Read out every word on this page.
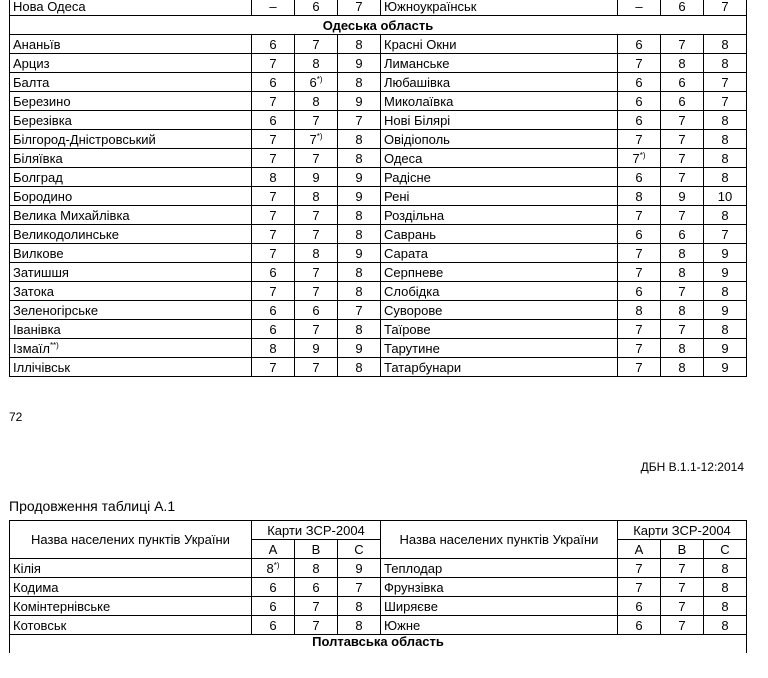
Нова Одеса	–	6	7	Южноукраїнськ	–	6	7
Одеська область							
Ананьїв	6	7	8	Красні Окни	6	7	8
Арциз	7	8	9	Лиманське	7	8	8
Балта	6	6*)	8	Любашівка	6	6	7
Березино	7	8	9	Миколаївка	6	6	7
Березівка	6	7	7	Нові Біляpі	6	7	8
Білгород-Дністровський	7	7*)	8	Овідіополь	7	7	8
Біляївка	7	7	8	Одеса	7*)	7	8
Болград	8	9	9	Радісне	6	7	8
Бородино	7	8	9	Рені	8	9	10
Велика Михайлівка	7	7	8	Роздільна	7	7	8
Великодолинське	7	7	8	Саврань	6	6	7
Вилкове	7	8	9	Сарата	7	8	9
Затишшя	6	7	8	Серпневе	7	8	9
Затока	7	7	8	Слобідка	6	7	8
Зеленогірське	6	6	7	Суворове	8	8	9
Іванівка	6	7	8	Таїрове	7	7	8
Ізмаїл**)	8	9	9	Тарутине	7	8	9
Іллічівськ	7	7	8	Татарбунари	7	8	9
72
ДБН В.1.1-12:2014
Продовження таблиці А.1
Назва населених пунктів України	Карти ЗСР-2004			Назва населених пунктів України	Карти ЗСР-2004		
	A	B	C		A	B	C
Кілія	8*)	8	9	Теплодар	7	7	8
Кодима	6	6	7	Фрунзівка	7	7	8
Комінтернівське	6	7	8	Ширяєве	6	7	8
Котовськ	6	7	8	Южне	6	7	8
Полтавська область							
